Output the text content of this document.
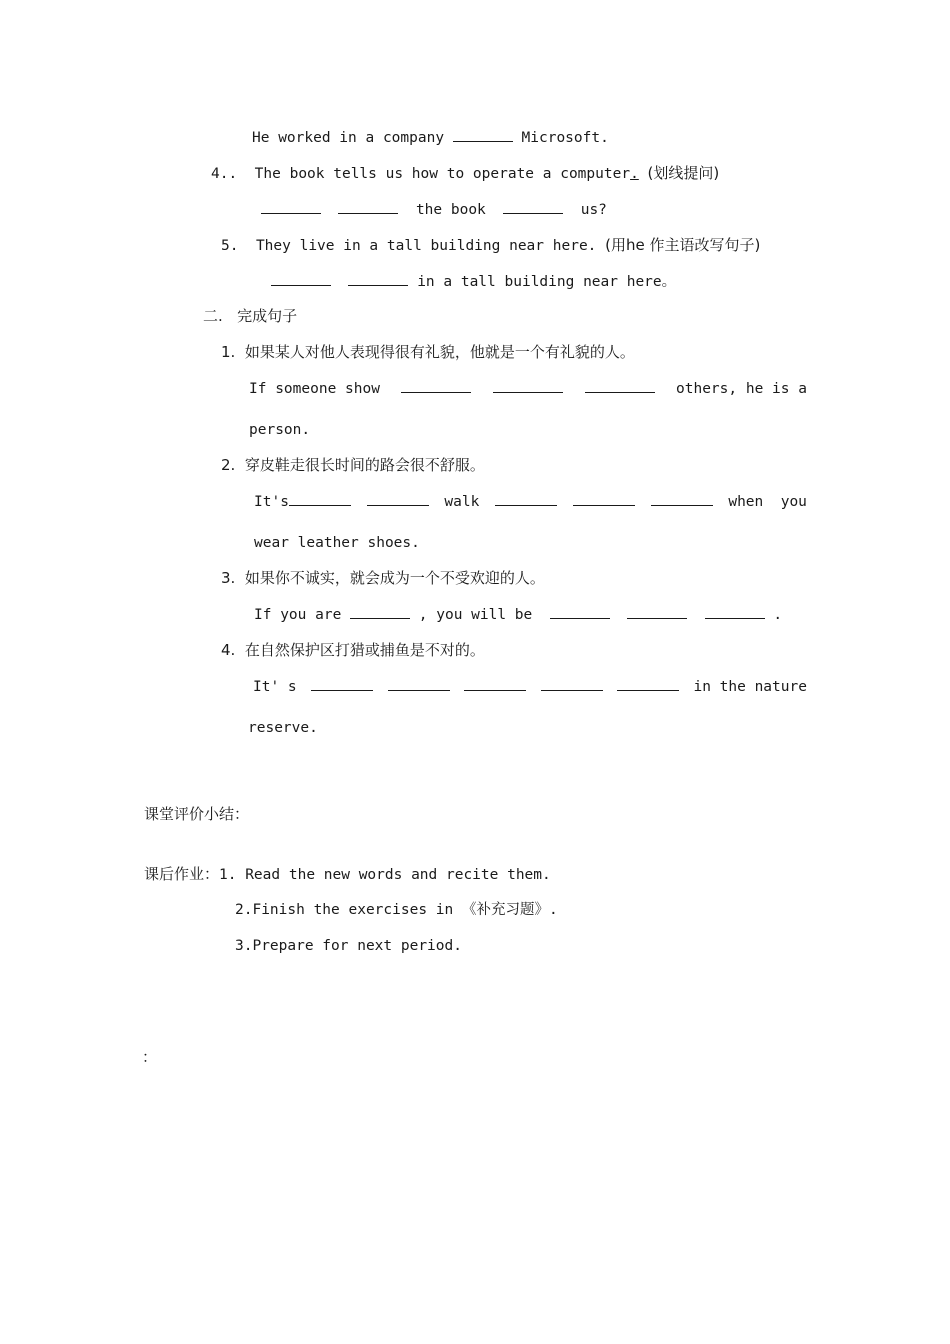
He worked in a company	Microsoft.
4.. The book tells us how to operate a computer. (划线提问)
the book	us?
5. They live in a tall building near here. (用he 作主语改写句子)
in a tall building near here。
二. 完成句子
1. 如果某人对他人表现得很有礼貌，他就是一个有礼貌的人。
If someone show	others, he is a
person.
2. 穿皮鞋走很长时间的路会很不舒服。
It's	walk	when  you
wear leather shoes.
3. 如果你不诚实，就会成为一个不受欢迎的人。
If you are	, you will be	.
4. 在自然保护区打猎或捕鱼是不对的。
It' s	in the nature
reserve.
课堂评价小结：
课后作业：1. Read the new words and recite them.
2.Finish the exercises in 《补充习题》.
3.Prepare for next period.
：
